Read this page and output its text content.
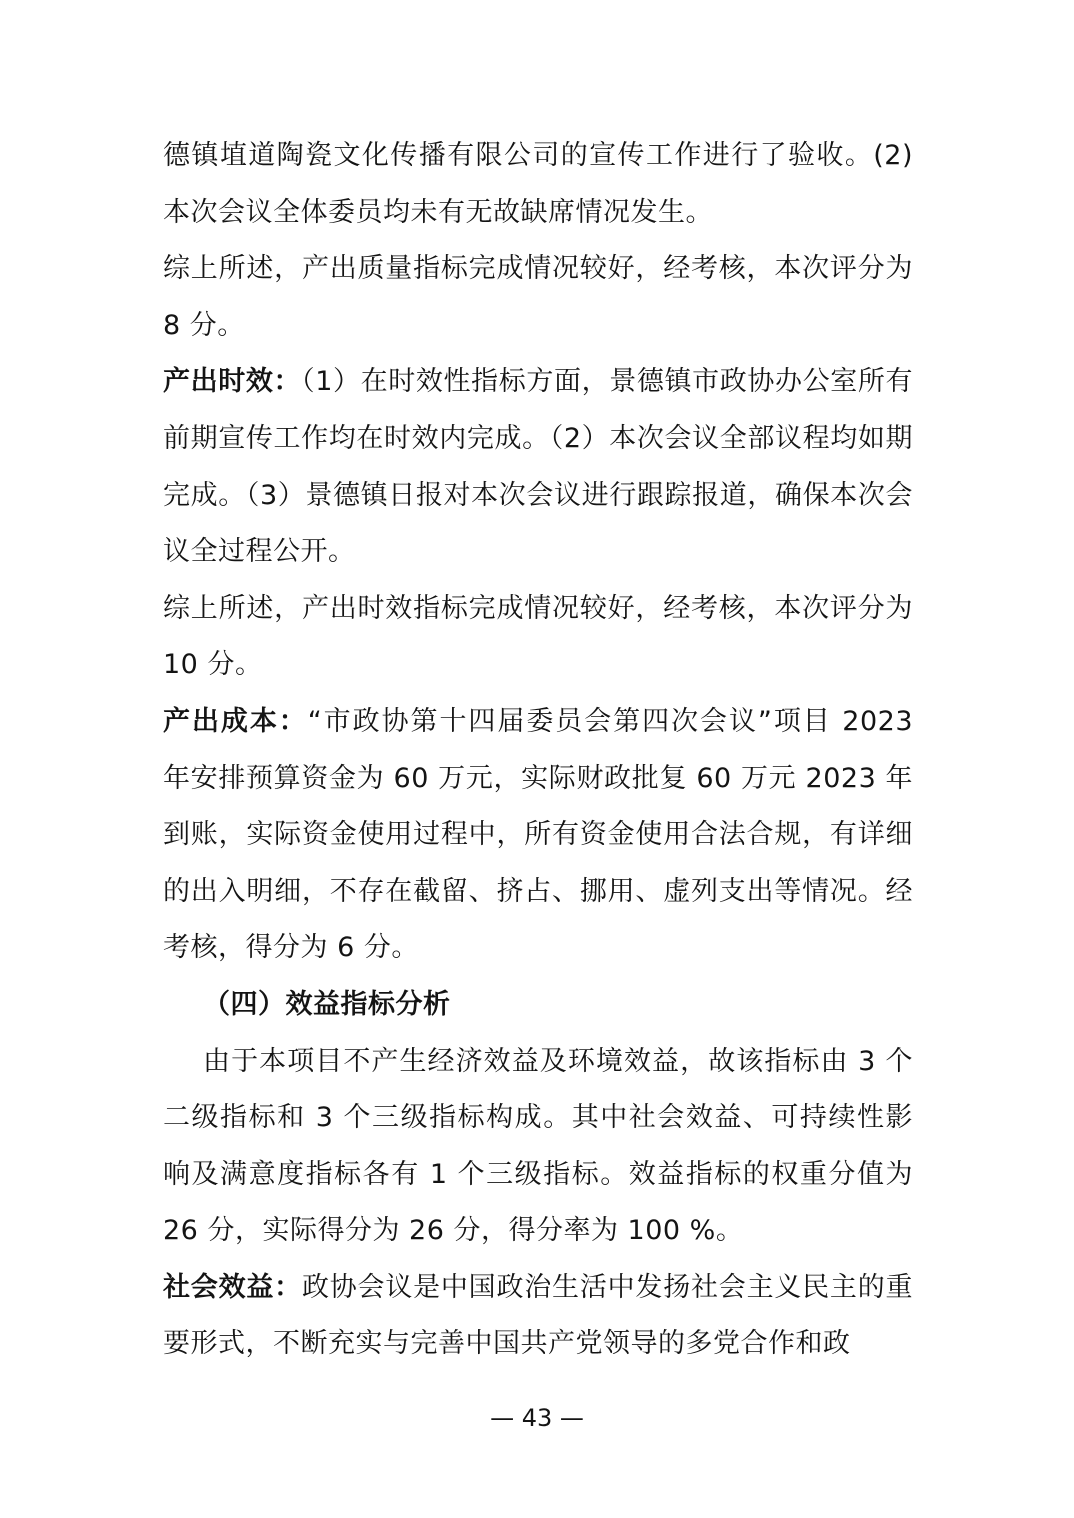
德镇埴道陶瓷文化传播有限公司的宣传工作进行了验收。(2) 本次会议全体委员均未有无故缺席情况发生。

综上所述，产出质量指标完成情况较好，经考核，本次评分为 8 分。

产出时效：（1）在时效性指标方面，景德镇市政协办公室所有前期宣传工作均在时效内完成。（2）本次会议全部议程均如期完成。（3）景德镇日报对本次会议进行跟踪报道，确保本次会议全过程公开。

综上所述，产出时效指标完成情况较好，经考核，本次评分为 10 分。

产出成本：“市政协第十四届委员会第四次会议”项目 2023 年安排预算资金为 60 万元，实际财政批复 60 万元 2023 年到账，实际资金使用过程中，所有资金使用合法合规，有详细的出入明细，不存在截留、挤占、挪用、虚列支出等情况。经考核，得分为 6 分。

（四）效益指标分析

由于本项目不产生经济效益及环境效益，故该指标由 3 个二级指标和 3 个三级指标构成。其中社会效益、可持续性影响及满意度指标各有 1 个三级指标。效益指标的权重分值为 26 分，实际得分为 26 分，得分率为 100 %。

社会效益：政协会议是中国政治生活中发扬社会主义民主的重要形式，不断充实与完善中国共产党领导的多党合作和政

— 43 —
